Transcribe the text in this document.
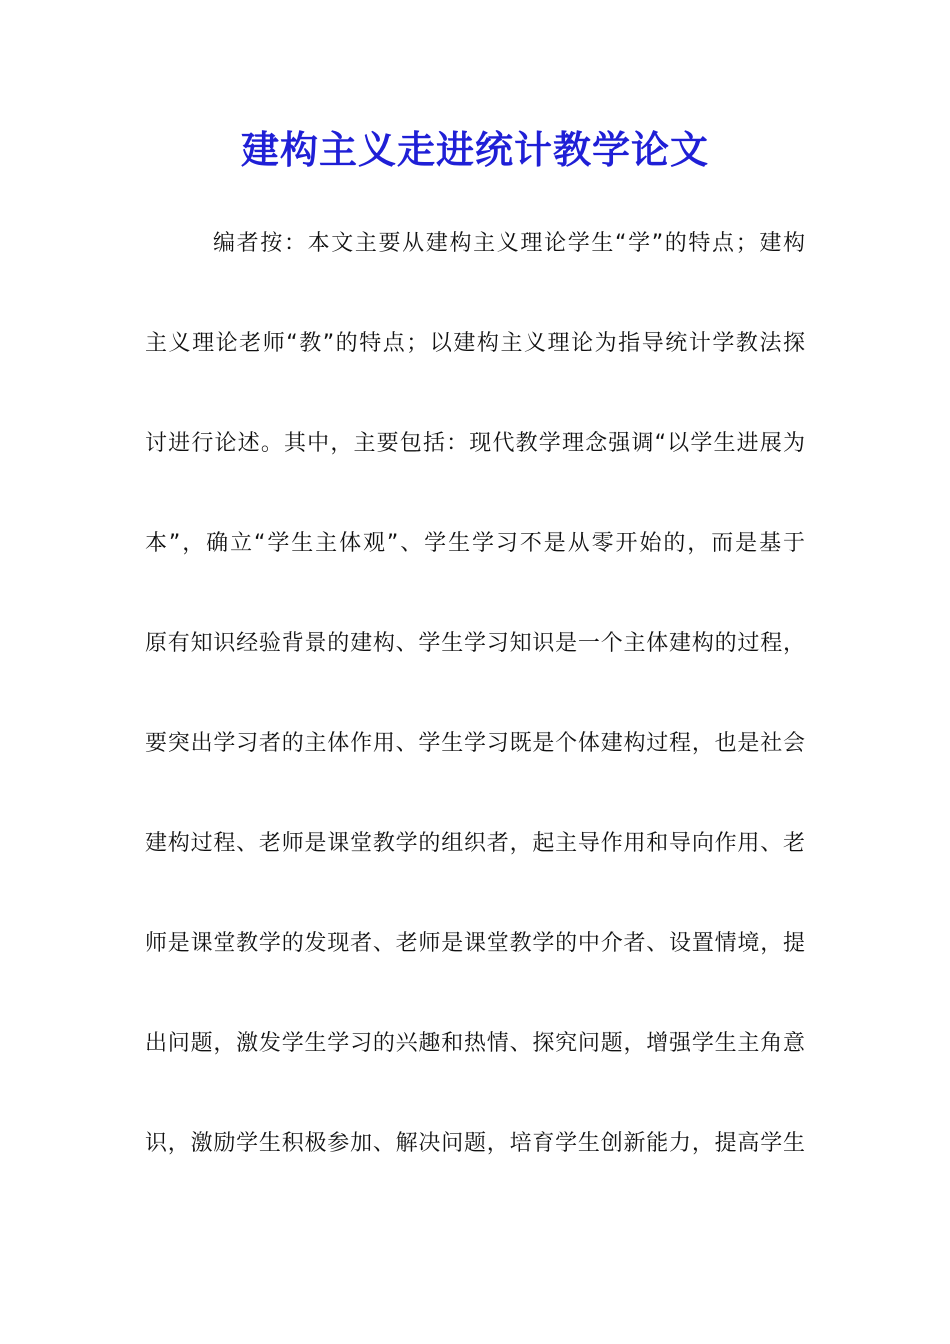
建构主义走进统计教学论文
编者按：本文主要从建构主义理论学生“学”的特点；建构
主义理论老师“教”的特点；以建构主义理论为指导统计学教法探
讨进行论述。其中，主要包括：现代教学理念强调“以学生进展为
本”，确立“学生主体观”、学生学习不是从零开始的，而是基于
原有知识经验背景的建构、学生学习知识是一个主体建构的过程，
要突出学习者的主体作用、学生学习既是个体建构过程，也是社会
建构过程、老师是课堂教学的组织者，起主导作用和导向作用、老
师是课堂教学的发现者、老师是课堂教学的中介者、设置情境，提
出问题，激发学生学习的兴趣和热情、探究问题，增强学生主角意
识，激励学生积极参加、解决问题，培育学生创新能力，提高学生
